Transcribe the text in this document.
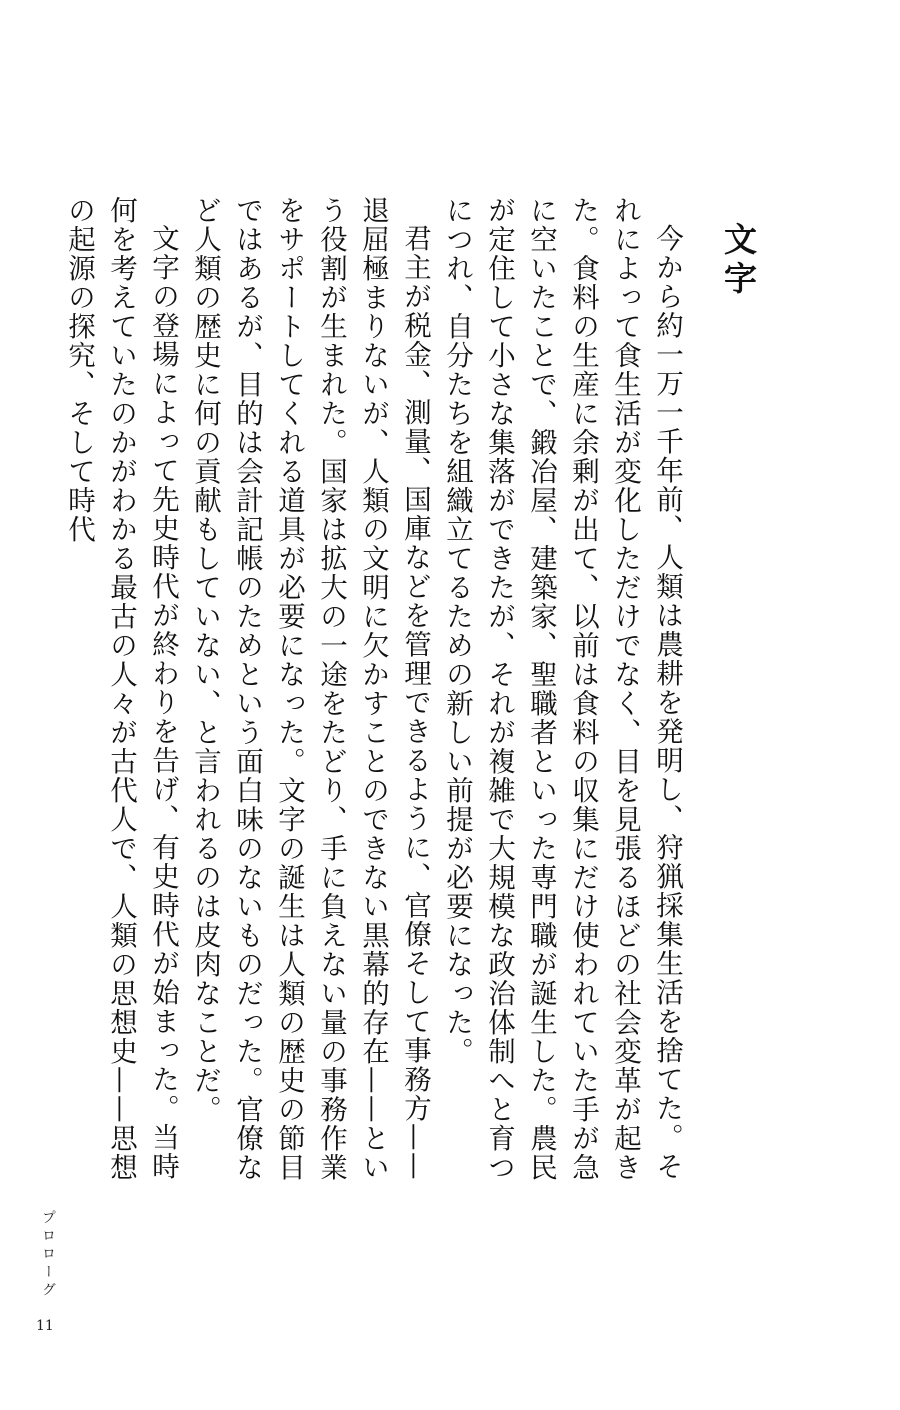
文字

今から約一万一千年前、人類は農耕を発明し、狩猟採集生活を捨てた。それによって食生活が変化しただけでなく、目を見張るほどの社会変革が起きた。食料の生産に余剰が出て、以前は食料の収集にだけ使われていた手が急に空いたことで、鍛冶屋、建築家、聖職者といった専門職が誕生した。農民が定住して小さな集落ができたが、それが複雑で大規模な政治体制へと育つにつれ、自分たちを組織立てるための新しい前提が必要になった。

君主が税金、測量、国庫などを管理できるように、官僚そして事務方——退屈極まりないが、人類の文明に欠かすことのできない黒幕的存在——という役割が生まれた。国家は拡大の一途をたどり、手に負えない量の事務作業をサポートしてくれる道具が必要になった。文字の誕生は人類の歴史の節目ではあるが、目的は会計記帳のためという面白味のないものだった。官僚など人類の歴史に何の貢献もしていない、と言われるのは皮肉なことだ。

文字の登場によって先史時代が終わりを告げ、有史時代が始まった。当時何を考えていたのかがわかる最古の人々が古代人で、人類の思想史——思想の起源の探究、そして時代

プロローグ
11
